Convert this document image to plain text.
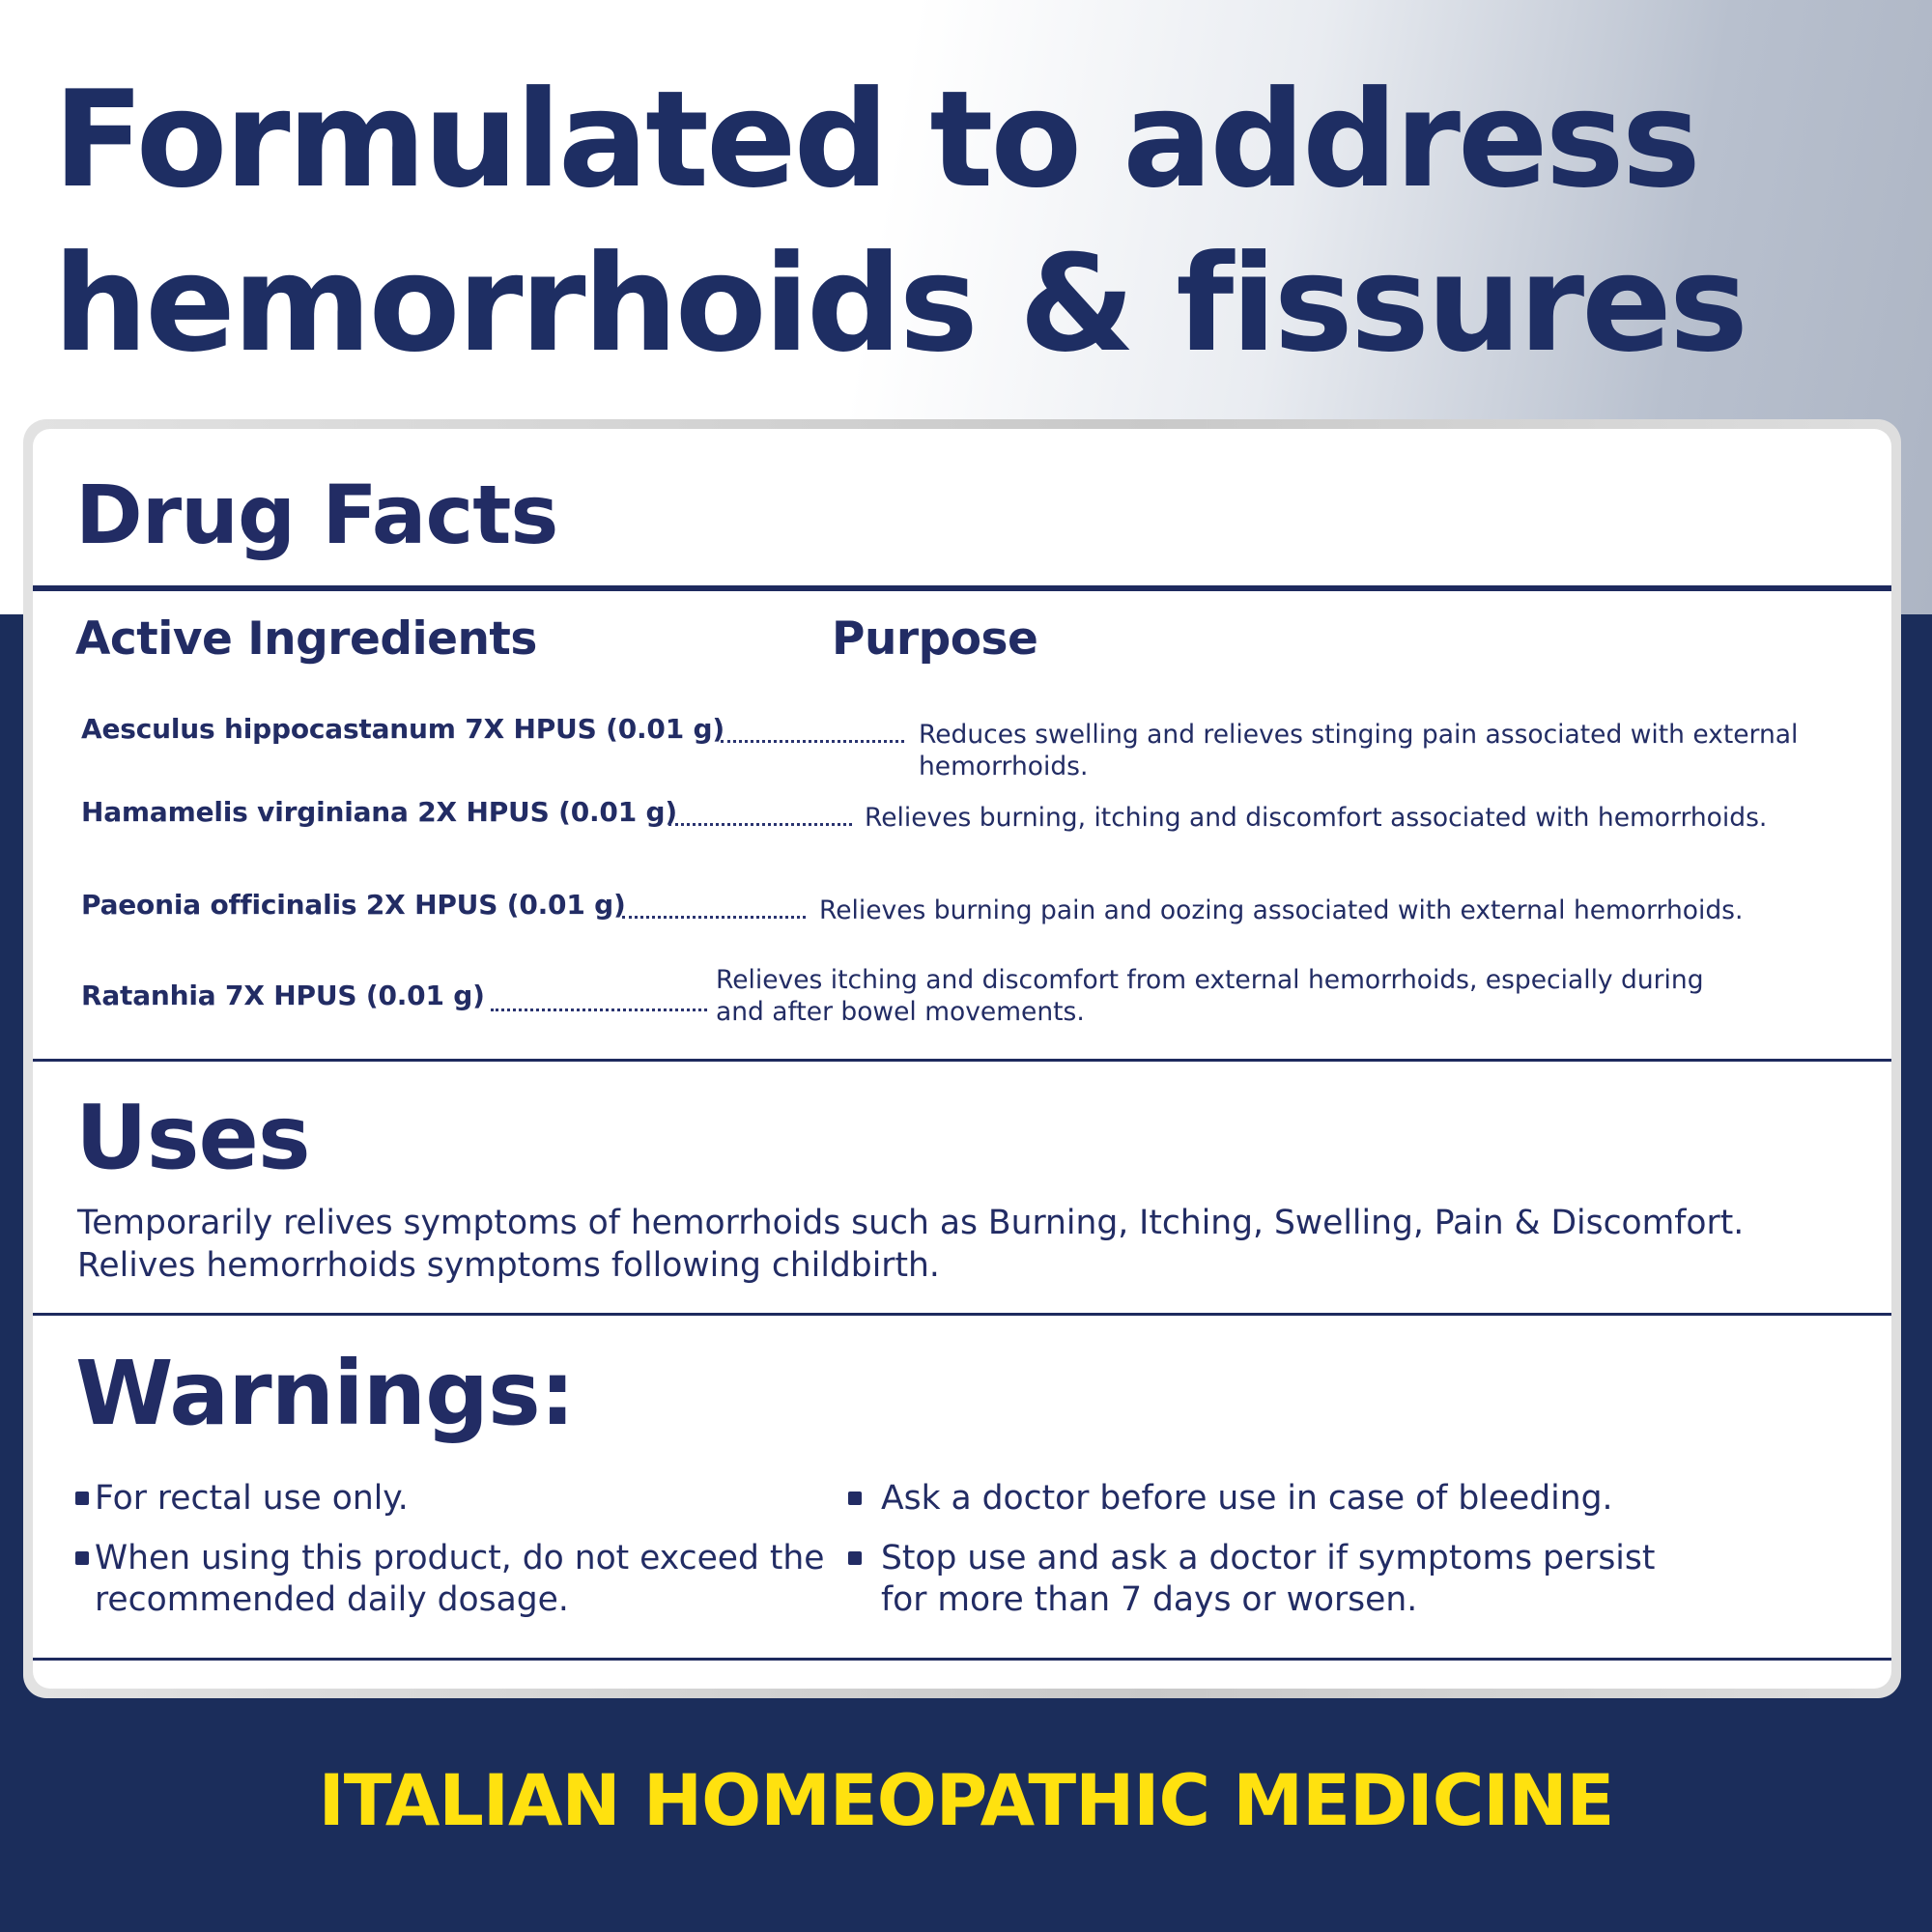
Formulated to address
hemorrhoids & fissures
Drug Facts
Active Ingredients	Purpose
Aesculus hippocastanum 7X HPUS (0.01 g)	Reduces swelling and relieves stinging pain associated with external
hemorrhoids.
Hamamelis virginiana 2X HPUS (0.01 g)	Relieves burning, itching and discomfort associated with hemorrhoids.
Paeonia officinalis 2X HPUS (0.01 g)	Relieves burning pain and oozing associated with external hemorrhoids.
Ratanhia 7X HPUS (0.01 g)	Relieves itching and discomfort from external hemorrhoids, especially during
and after bowel movements.
Uses
Temporarily relives symptoms of hemorrhoids such as Burning, Itching, Swelling, Pain & Discomfort.
Relives hemorrhoids symptoms following childbirth.
Warnings:
For rectal use only.
When using this product, do not exceed the
recommended daily dosage.
Ask a doctor before use in case of bleeding.
Stop use and ask a doctor if symptoms persist
for more than 7 days or worsen.
ITALIAN HOMEOPATHIC MEDICINE
